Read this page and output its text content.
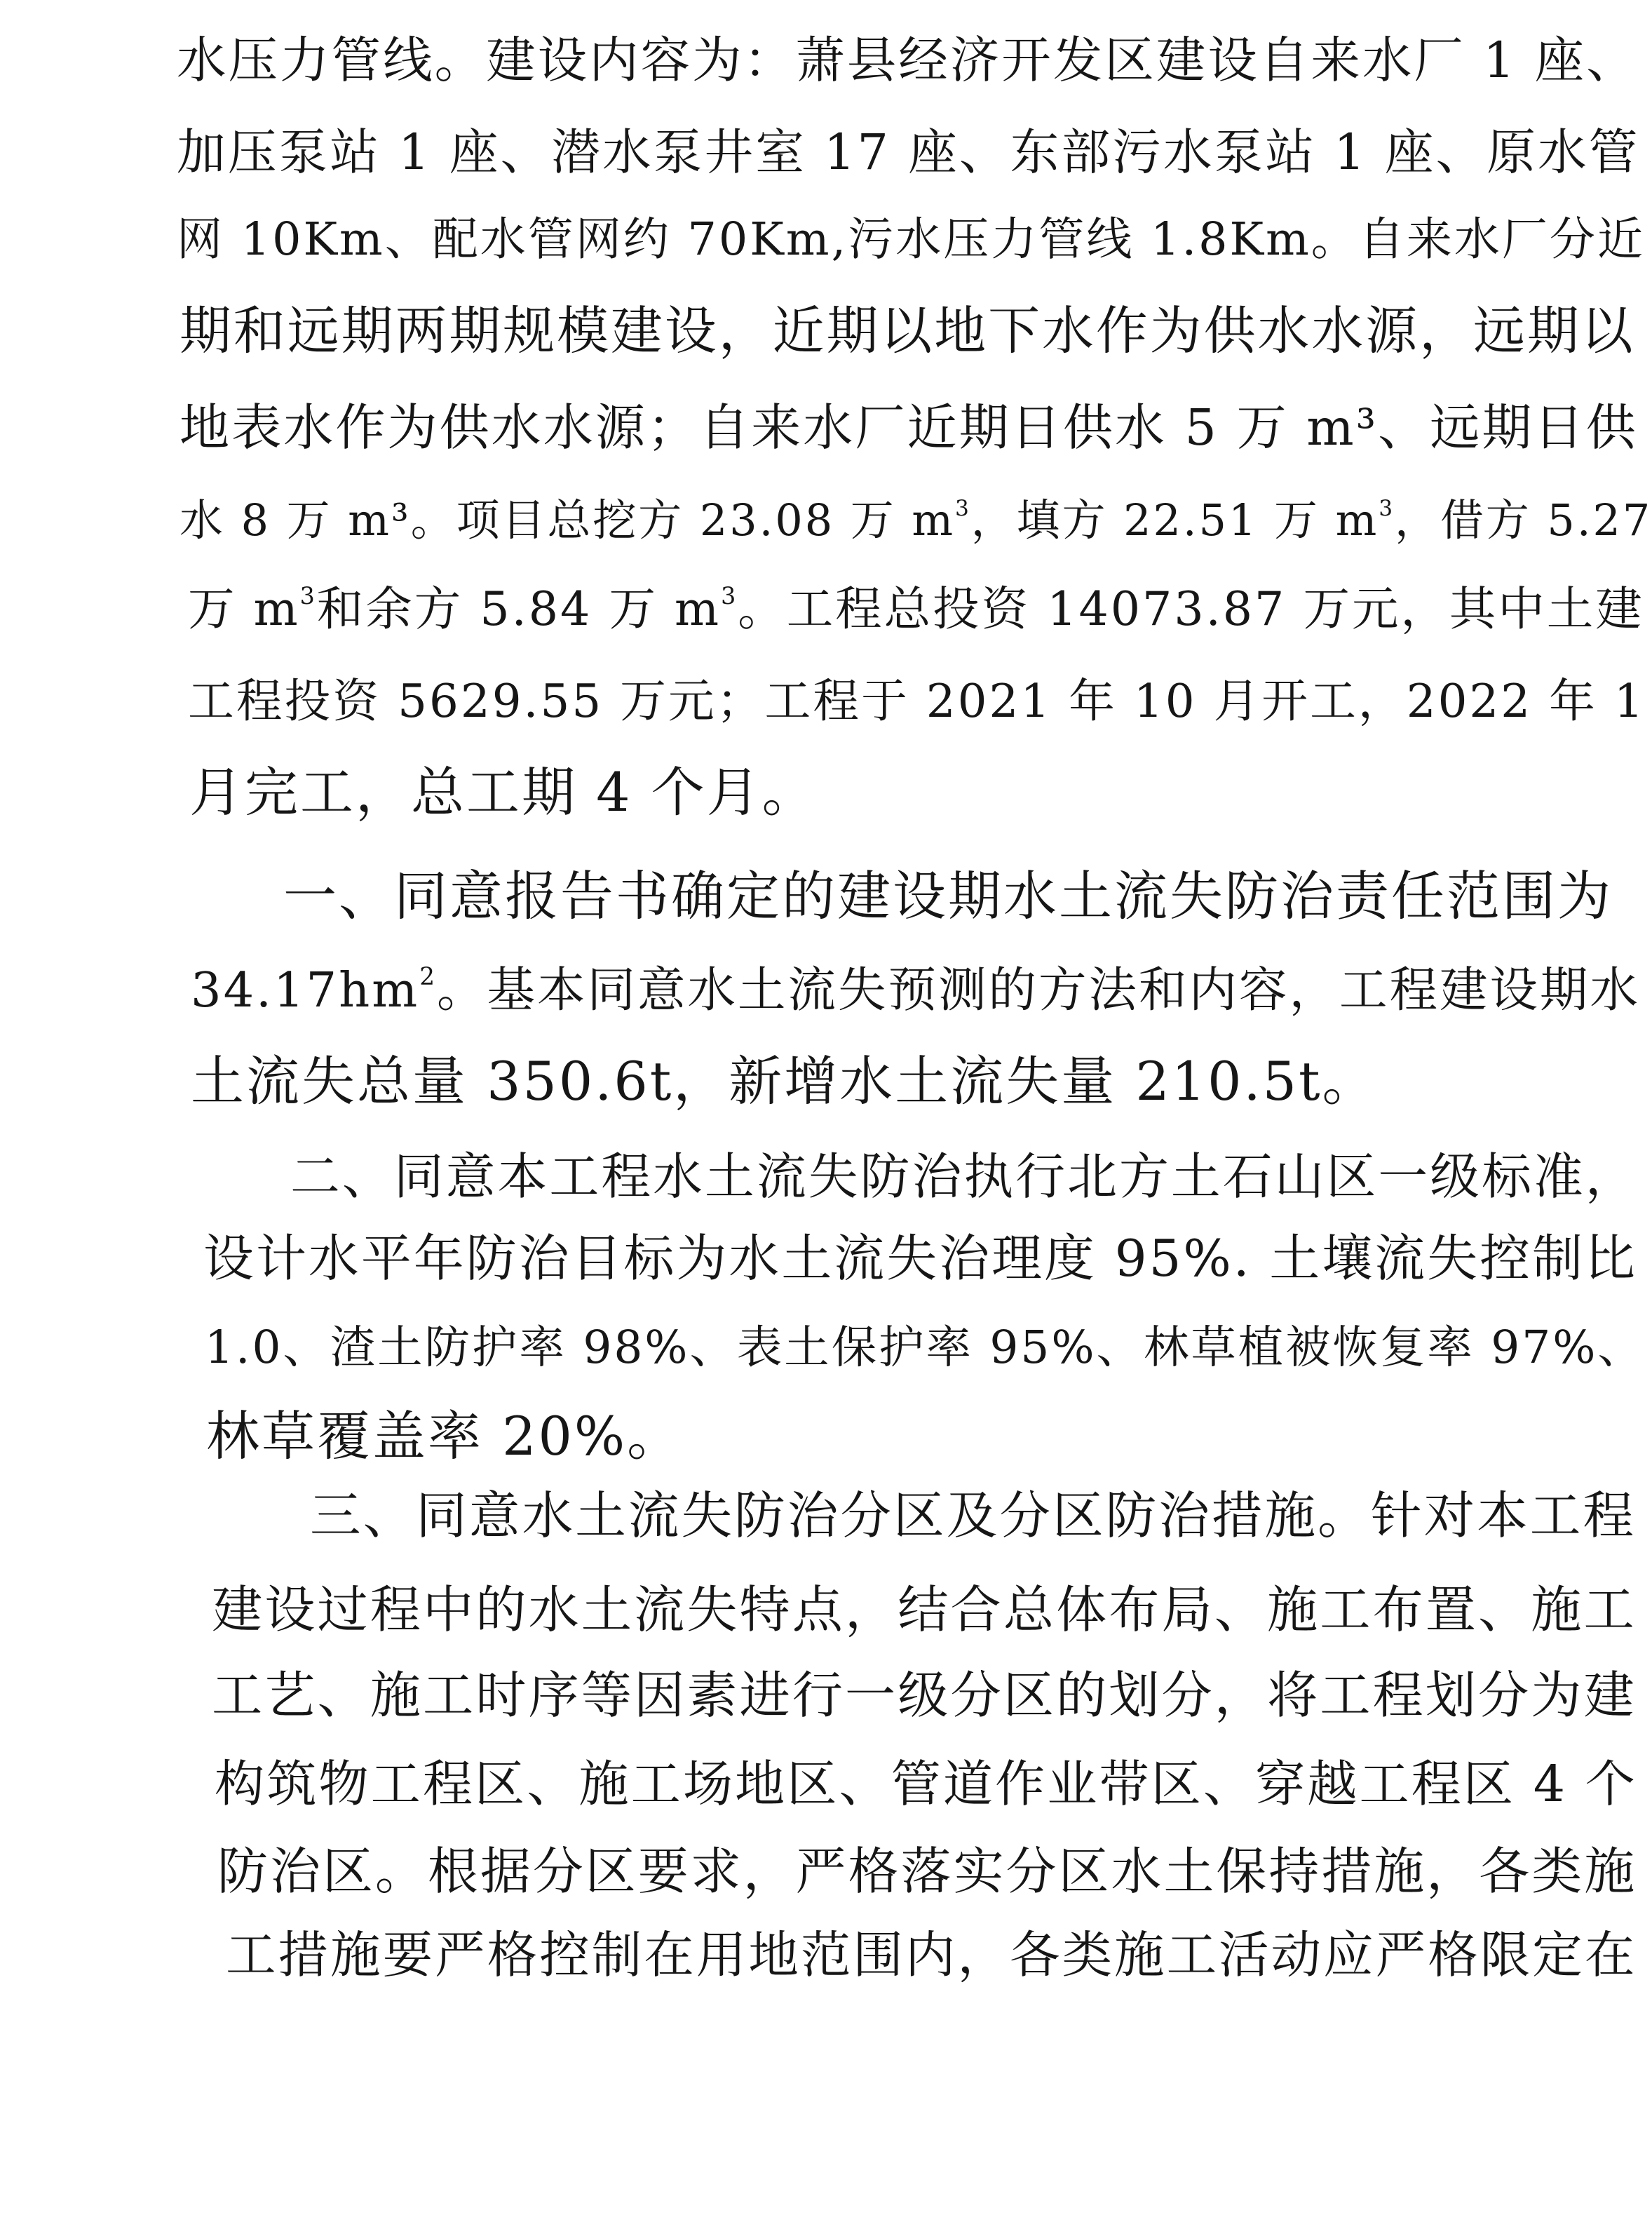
水压力管线。建设内容为：萧县经济开发区建设自来水厂 1 座、
加压泵站 1 座、潜水泵井室 17 座、东部污水泵站 1 座、原水管
网 10Km、配水管网约 70Km,污水压力管线 1.8Km。自来水厂分近
期和远期两期规模建设，近期以地下水作为供水水源，远期以
地表水作为供水水源；自来水厂近期日供水 5 万 m³、远期日供
水 8 万 m³。项目总挖方 23.08 万 $m^3$，填方 22.51 万 $m^3$，借方 5.27
万 $m^3$和余方 5.84 万 $m^3$。工程总投资 14073.87 万元，其中土建
工程投资 5629.55 万元；工程于 2021 年 10 月开工，2022 年 1
月完工，总工期 4 个月。
一、同意报告书确定的建设期水土流失防治责任范围为
$34.17hm^2$。基本同意水土流失预测的方法和内容，工程建设期水
土流失总量 350.6t，新增水土流失量 210.5t。
二、同意本工程水土流失防治执行北方土石山区一级标准，
设计水平年防治目标为水土流失治理度 95%. 土壤流失控制比
1.0、渣土防护率 98%、表土保护率 95%、林草植被恢复率 97%、
林草覆盖率 20%。
三、同意水土流失防治分区及分区防治措施。针对本工程
建设过程中的水土流失特点，结合总体布局、施工布置、施工
工艺、施工时序等因素进行一级分区的划分，将工程划分为建
构筑物工程区、施工场地区、管道作业带区、穿越工程区 4 个
防治区。根据分区要求，严格落实分区水土保持措施，各类施
工措施要严格控制在用地范围内，各类施工活动应严格限定在
